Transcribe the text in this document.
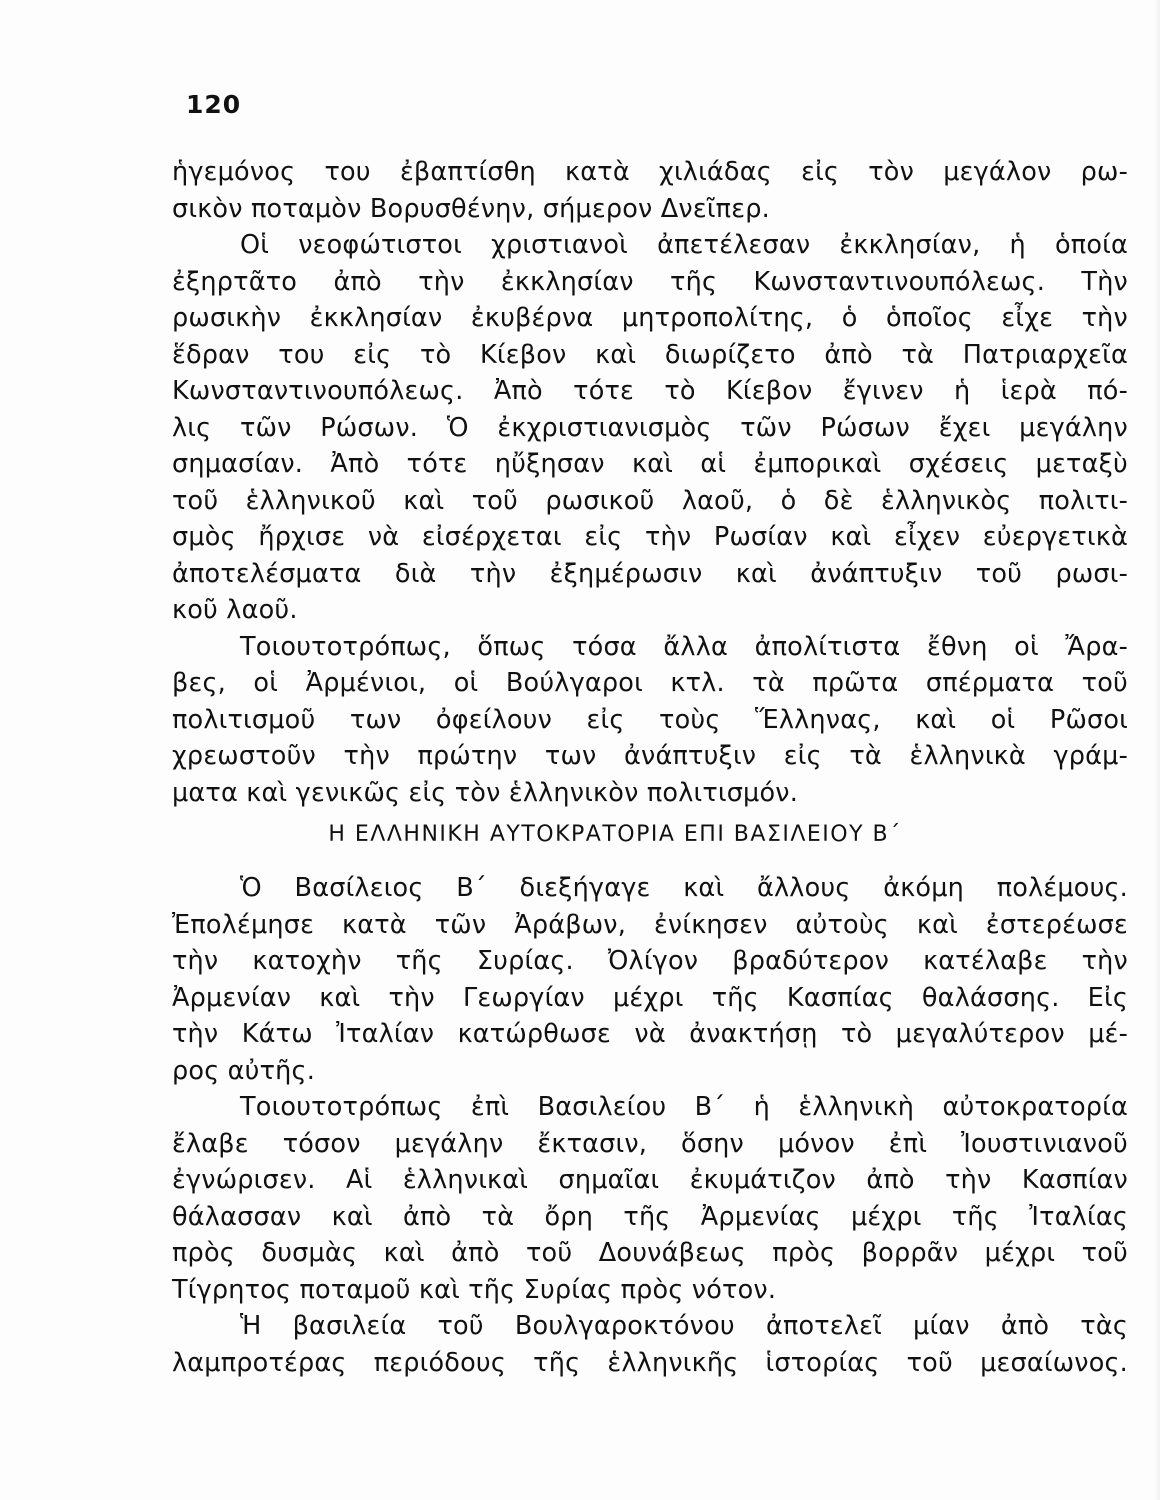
120
ἡγεμόνος του ἐβαπτίσθη κατὰ χιλιάδας εἰς τὸν μεγάλον ρω-
σικὸν ποταμὸν Βορυσθένην, σήμερον Δνεῖπερ.
Οἱ νεοφώτιστοι χριστιανοὶ ἀπετέλεσαν ἐκκλησίαν, ἡ ὁποία
ἐξηρτᾶτο ἀπὸ τὴν ἐκκλησίαν τῆς Κωνσταντινουπόλεως. Τὴν
ρωσικὴν ἐκκλησίαν ἐκυβέρνα μητροπολίτης, ὁ ὁποῖος εἶχε τὴν
ἕδραν του εἰς τὸ Κίεβον καὶ διωρίζετο ἀπὸ τὰ Πατριαρχεῖα
Κωνσταντινουπόλεως. Ἀπὸ τότε τὸ Κίεβον ἔγινεν ἡ ἱερὰ πό-
λις τῶν Ρώσων. Ὁ ἐκχριστιανισμὸς τῶν Ρώσων ἔχει μεγάλην
σημασίαν. Ἀπὸ τότε ηὔξησαν καὶ αἱ ἐμπορικαὶ σχέσεις μεταξὺ
τοῦ ἑλληνικοῦ καὶ τοῦ ρωσικοῦ λαοῦ, ὁ δὲ ἑλληνικὸς πολιτι-
σμὸς ἤρχισε νὰ εἰσέρχεται εἰς τὴν Ρωσίαν καὶ εἶχεν εὐεργετικὰ
ἀποτελέσματα διὰ τὴν ἐξημέρωσιν καὶ ἀνάπτυξιν τοῦ ρωσι-
κοῦ λαοῦ.
Τοιουτοτρόπως, ὅπως τόσα ἄλλα ἀπολίτιστα ἔθνη οἱ Ἄρα-
βες, οἱ Ἀρμένιοι, οἱ Βούλγαροι κτλ. τὰ πρῶτα σπέρματα τοῦ
πολιτισμοῦ των ὀφείλουν εἰς τοὺς Ἕλληνας, καὶ οἱ Ρῶσοι
χρεωστοῦν τὴν πρώτην των ἀνάπτυξιν εἰς τὰ ἑλληνικὰ γράμ-
ματα καὶ γενικῶς εἰς τὸν ἑλληνικὸν πολιτισμόν.
Η ΕΛΛΗΝΙΚΗ ΑΥΤΟΚΡΑΤΟΡΙΑ ΕΠΙ ΒΑΣΙΛΕΙΟΥ Β΄
Ὁ Βασίλειος Β΄ διεξήγαγε καὶ ἄλλους ἀκόμη πολέμους.
Ἐπολέμησε κατὰ τῶν Ἀράβων, ἐνίκησεν αὐτοὺς καὶ ἐστερέωσε
τὴν κατοχὴν τῆς Συρίας. Ὀλίγον βραδύτερον κατέλαβε τὴν
Ἀρμενίαν καὶ τὴν Γεωργίαν μέχρι τῆς Κασπίας θαλάσσης. Εἰς
τὴν Κάτω Ἰταλίαν κατώρθωσε νὰ ἀνακτήσῃ τὸ μεγαλύτερον μέ-
ρος αὐτῆς.
Τοιουτοτρόπως ἐπὶ Βασιλείου Β΄ ἡ ἑλληνικὴ αὐτοκρατορία
ἔλαβε τόσον μεγάλην ἔκτασιν, ὅσην μόνον ἐπὶ Ἰουστινιανοῦ
ἐγνώρισεν. Αἱ ἑλληνικαὶ σημαῖαι ἐκυμάτιζον ἀπὸ τὴν Κασπίαν
θάλασσαν καὶ ἀπὸ τὰ ὄρη τῆς Ἀρμενίας μέχρι τῆς Ἰταλίας
πρὸς δυσμὰς καὶ ἀπὸ τοῦ Δουνάβεως πρὸς βορρᾶν μέχρι τοῦ
Τίγρητος ποταμοῦ καὶ τῆς Συρίας πρὸς νότον.
Ἡ βασιλεία τοῦ Βουλγαροκτόνου ἀποτελεῖ μίαν ἀπὸ τὰς
λαμπροτέρας περιόδους τῆς ἑλληνικῆς ἱστορίας τοῦ μεσαίωνος.
